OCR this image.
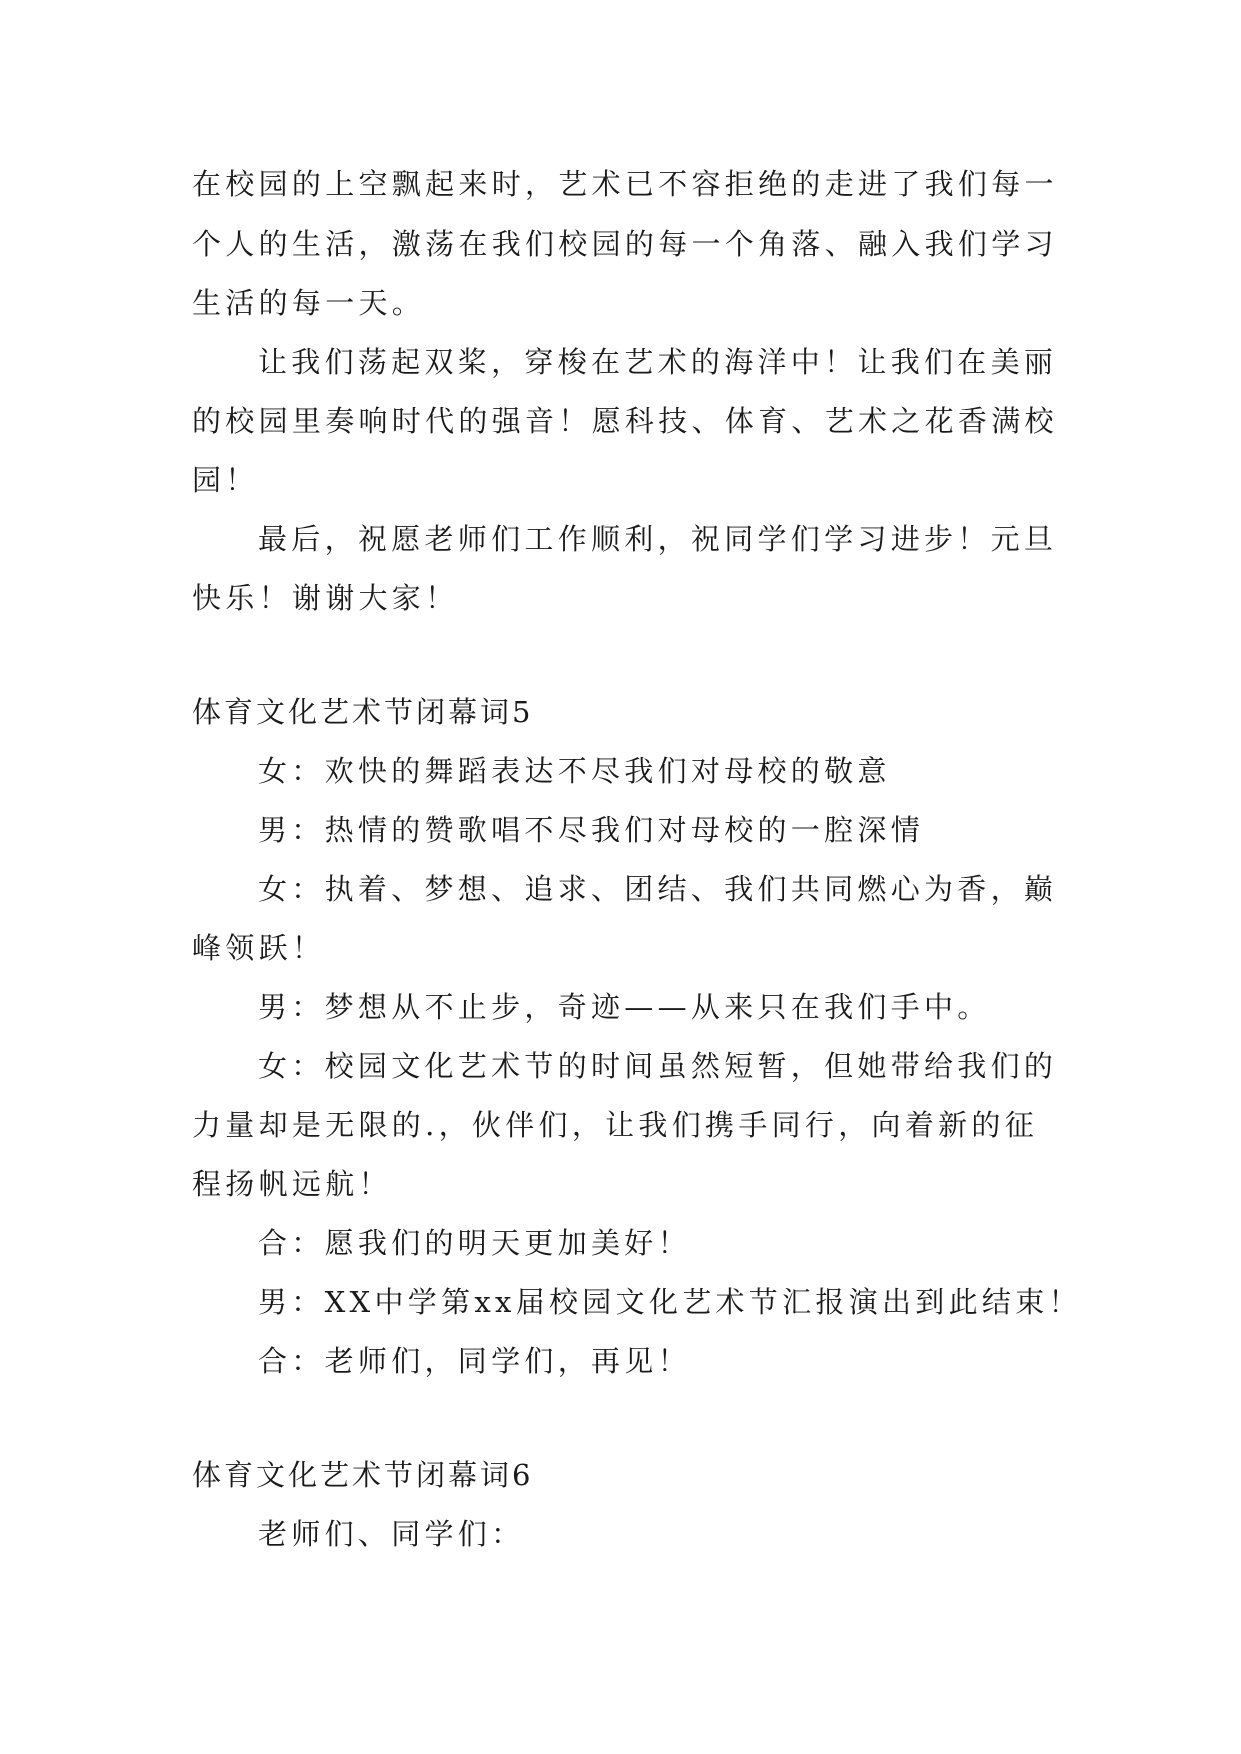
在校园的上空飘起来时，艺术已不容拒绝的走进了我们每一
个人的生活，激荡在我们校园的每一个角落、融入我们学习
生活的每一天。
让我们荡起双桨，穿梭在艺术的海洋中！让我们在美丽
的校园里奏响时代的强音！愿科技、体育、艺术之花香满校
园！
最后，祝愿老师们工作顺利，祝同学们学习进步！元旦
快乐！谢谢大家！
体育文化艺术节闭幕词5
女：欢快的舞蹈表达不尽我们对母校的敬意
男：热情的赞歌唱不尽我们对母校的一腔深情
女：执着、梦想、追求、团结、我们共同燃心为香，巅
峰领跃！
男：梦想从不止步，奇迹——从来只在我们手中。
女：校园文化艺术节的时间虽然短暂，但她带给我们的
力量却是无限的.，伙伴们，让我们携手同行，向着新的征
程扬帆远航！
合：愿我们的明天更加美好！
男：XX中学第xx届校园文化艺术节汇报演出到此结束！
合：老师们，同学们，再见！
体育文化艺术节闭幕词6
老师们、同学们：
